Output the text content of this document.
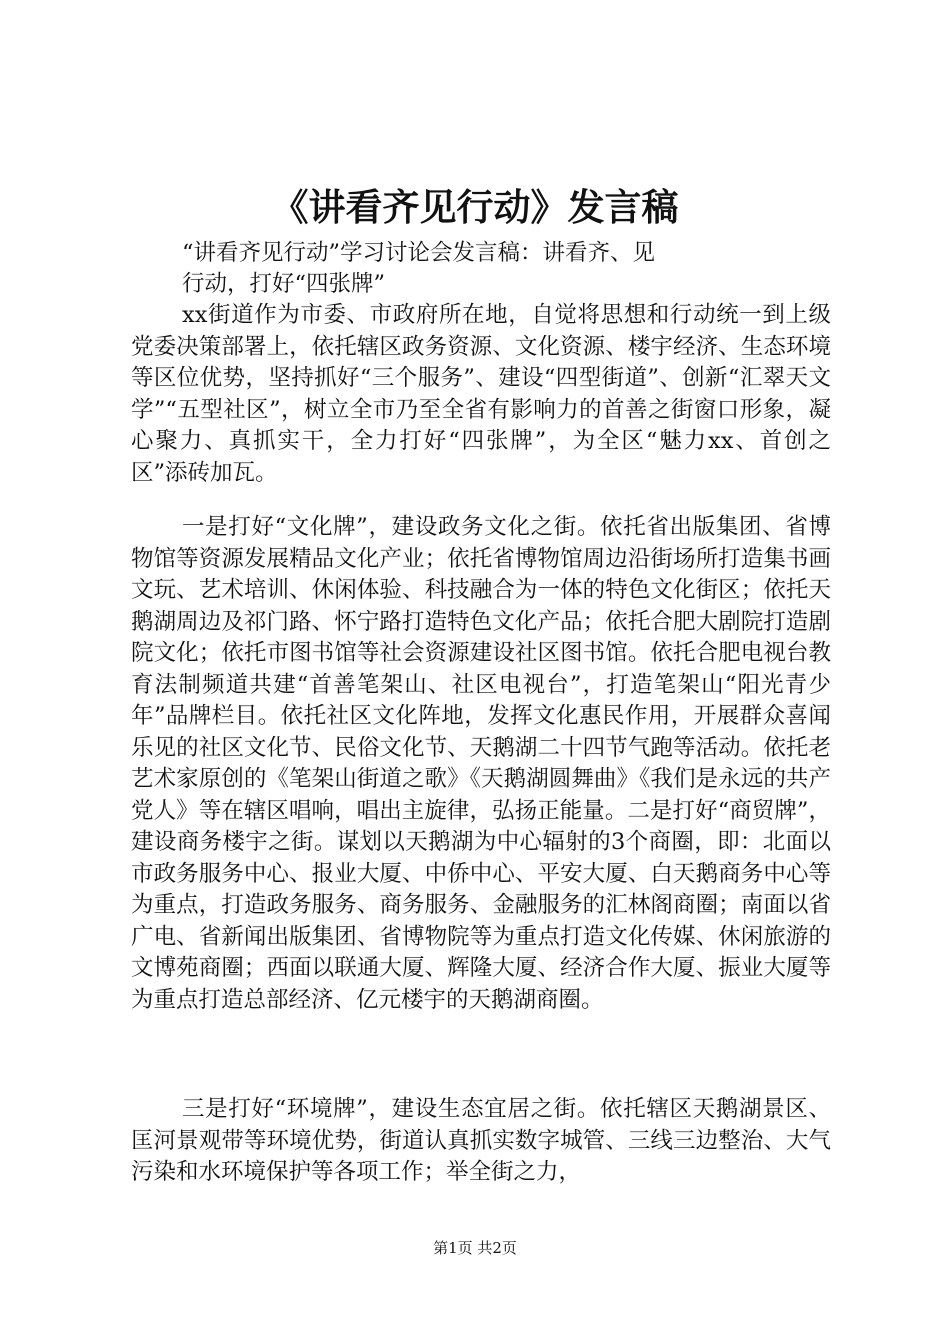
《讲看齐见行动》发言稿
“讲看齐见行动”学习讨论会发言稿：讲看齐、见
行动，打好“四张牌”

xx街道作为市委、市政府所在地，自觉将思想和行动统一到上级党委决策部署上，依托辖区政务资源、文化资源、楼宇经济、生态环境等区位优势，坚持抓好“三个服务”、建设“四型街道”、创新“汇翠天文学”“五型社区”，树立全市乃至全省有影响力的首善之街窗口形象，凝心聚力、真抓实干，全力打好“四张牌”，为全区“魅力xx、首创之区”添砖加瓦。

一是打好“文化牌”，建设政务文化之街。依托省出版集团、省博物馆等资源发展精品文化产业；依托省博物馆周边沿街场所打造集书画文玩、艺术培训、休闲体验、科技融合为一体的特色文化街区；依托天鹅湖周边及祁门路、怀宁路打造特色文化产品；依托合肥大剧院打造剧院文化；依托市图书馆等社会资源建设社区图书馆。依托合肥电视台教育法制频道共建“首善笔架山、社区电视台”，打造笔架山“阳光青少年”品牌栏目。依托社区文化阵地，发挥文化惠民作用，开展群众喜闻乐见的社区文化节、民俗文化节、天鹅湖二十四节气跑等活动。依托老艺术家原创的《笔架山街道之歌》《天鹅湖圆舞曲》《我们是永远的共产党人》等在辖区唱响，唱出主旋律，弘扬正能量。二是打好“商贸牌”，建设商务楼宇之街。谋划以天鹅湖为中心辐射的3个商圈，即：北面以市政务服务中心、报业大厦、中侨中心、平安大厦、白天鹅商务中心等为重点，打造政务服务、商务服务、金融服务的汇林阁商圈；南面以省广电、省新闻出版集团、省博物院等为重点打造文化传媒、休闲旅游的文博苑商圈；西面以联通大厦、辉隆大厦、经济合作大厦、振业大厦等为重点打造总部经济、亿元楼宇的天鹅湖商圈。

三是打好“环境牌”，建设生态宜居之街。依托辖区天鹅湖景区、匡河景观带等环境优势，街道认真抓实数字城管、三线三边整治、大气污染和水环境保护等各项工作；举全街之力，

第1页 共2页
